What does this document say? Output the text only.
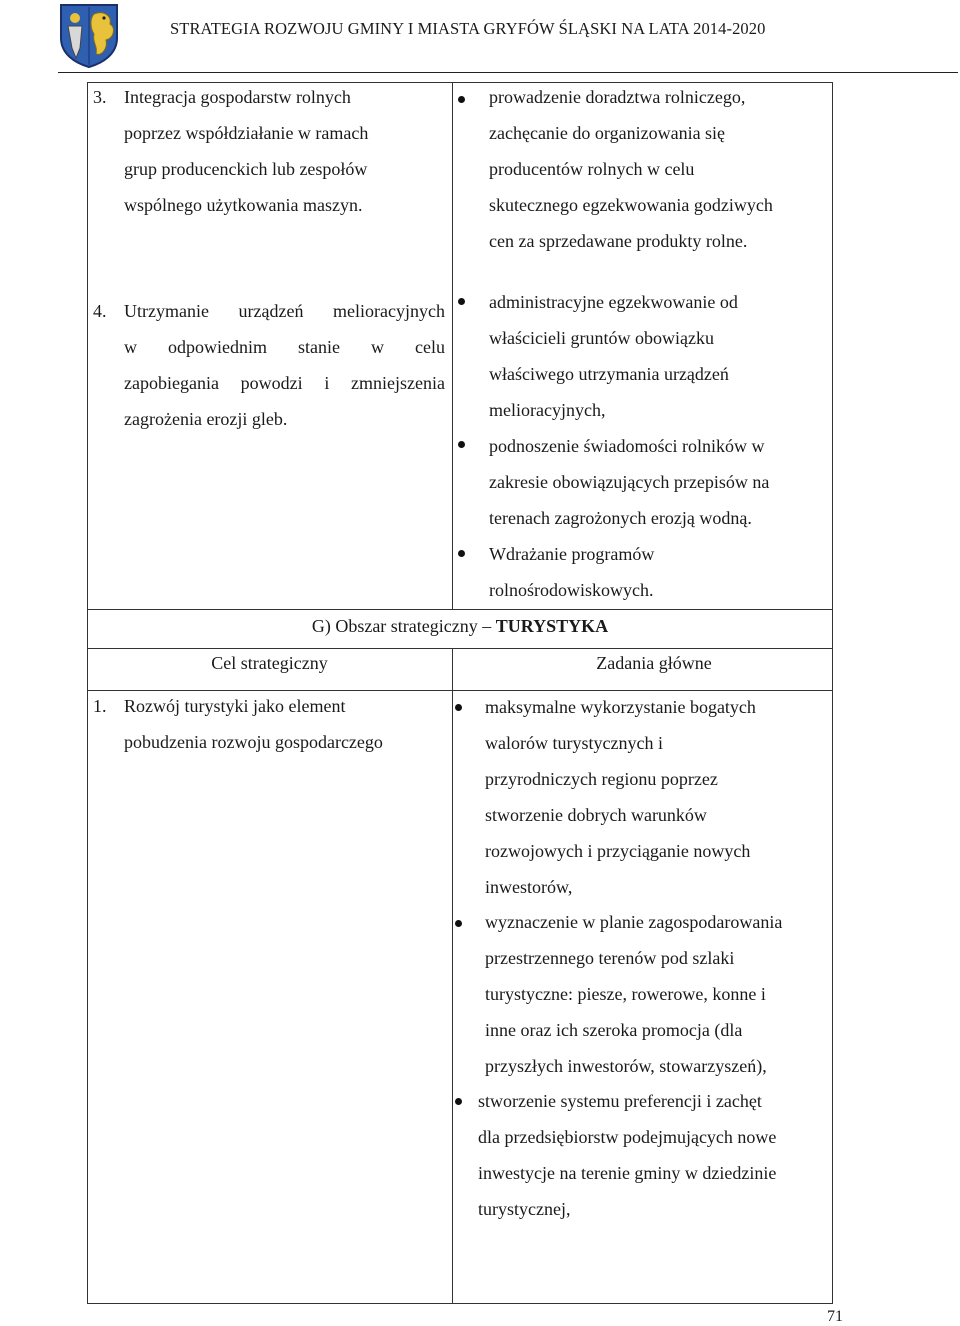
STRATEGIA ROZWOJU GMINY I MIASTA GRYFÓW ŚLĄSKI NA LATA 2014-2020
3. Integracja gospodarstw rolnych
poprzez współdziałanie w ramach
grup producenckich lub zespołów
wspólnego użytkowania maszyn.
prowadzenie doradztwa rolniczego,
zachęcanie do organizowania się
producentów rolnych w celu
skutecznego egzekwowania godziwych
cen za sprzedawane produkty rolne.
4. Utrzymanie urządzeń melioracyjnych
w odpowiednim stanie w celu
zapobiegania powodzi i zmniejszenia
zagrożenia erozji gleb.
administracyjne egzekwowanie od
właścicieli gruntów obowiązku
właściwego utrzymania urządzeń
melioracyjnych,
podnoszenie świadomości rolników w
zakresie obowiązujących przepisów na
terenach zagrożonych erozją wodną.
Wdrażanie programów
rolnośrodowiskowych.
G) Obszar strategiczny – TURYSTYKA
Cel strategiczny	Zadania główne
1. Rozwój turystyki jako element
pobudzenia rozwoju gospodarczego
maksymalne wykorzystanie bogatych
walorów turystycznych i
przyrodniczych regionu poprzez
stworzenie dobrych warunków
rozwojowych i przyciąganie nowych
inwestorów,
wyznaczenie w planie zagospodarowania
przestrzennego terenów pod szlaki
turystyczne: piesze, rowerowe, konne i
inne oraz ich szeroka promocja (dla
przyszłych inwestorów, stowarzyszeń),
stworzenie systemu preferencji i zachęt
dla przedsiębiorstw podejmujących nowe
inwestycje na terenie gminy w dziedzinie
turystycznej,
71
